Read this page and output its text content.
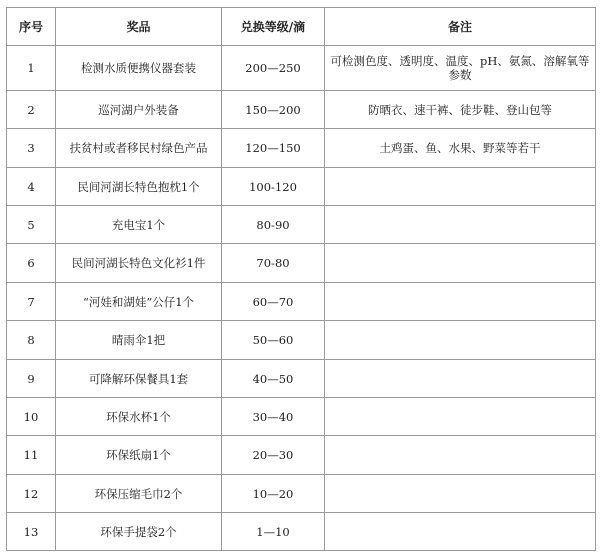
序号	奖品	兑换等级/滴	备注
1	检测水质便携仪器套装	200—250	可检测色度、透明度、温度、pH、氨氮、溶解氧等参数
2	巡河湖户外装备	150—200	防晒衣、速干裤、徒步鞋、登山包等
3	扶贫村或者移民村绿色产品	120—150	土鸡蛋、鱼、水果、野菜等若干
4	民间河湖长特色抱枕1个	100-120	
5	充电宝1个	80-90	
6	民间河湖长特色文化衫1件	70-80	
7	“河娃和湖娃”公仔1个	60—70	
8	晴雨伞1把	50—60	
9	可降解环保餐具1套	40—50	
10	环保水杯1个	30—40	
11	环保纸扇1个	20—30	
12	环保压缩毛巾2个	10—20	
13	环保手提袋2个	1—10	
